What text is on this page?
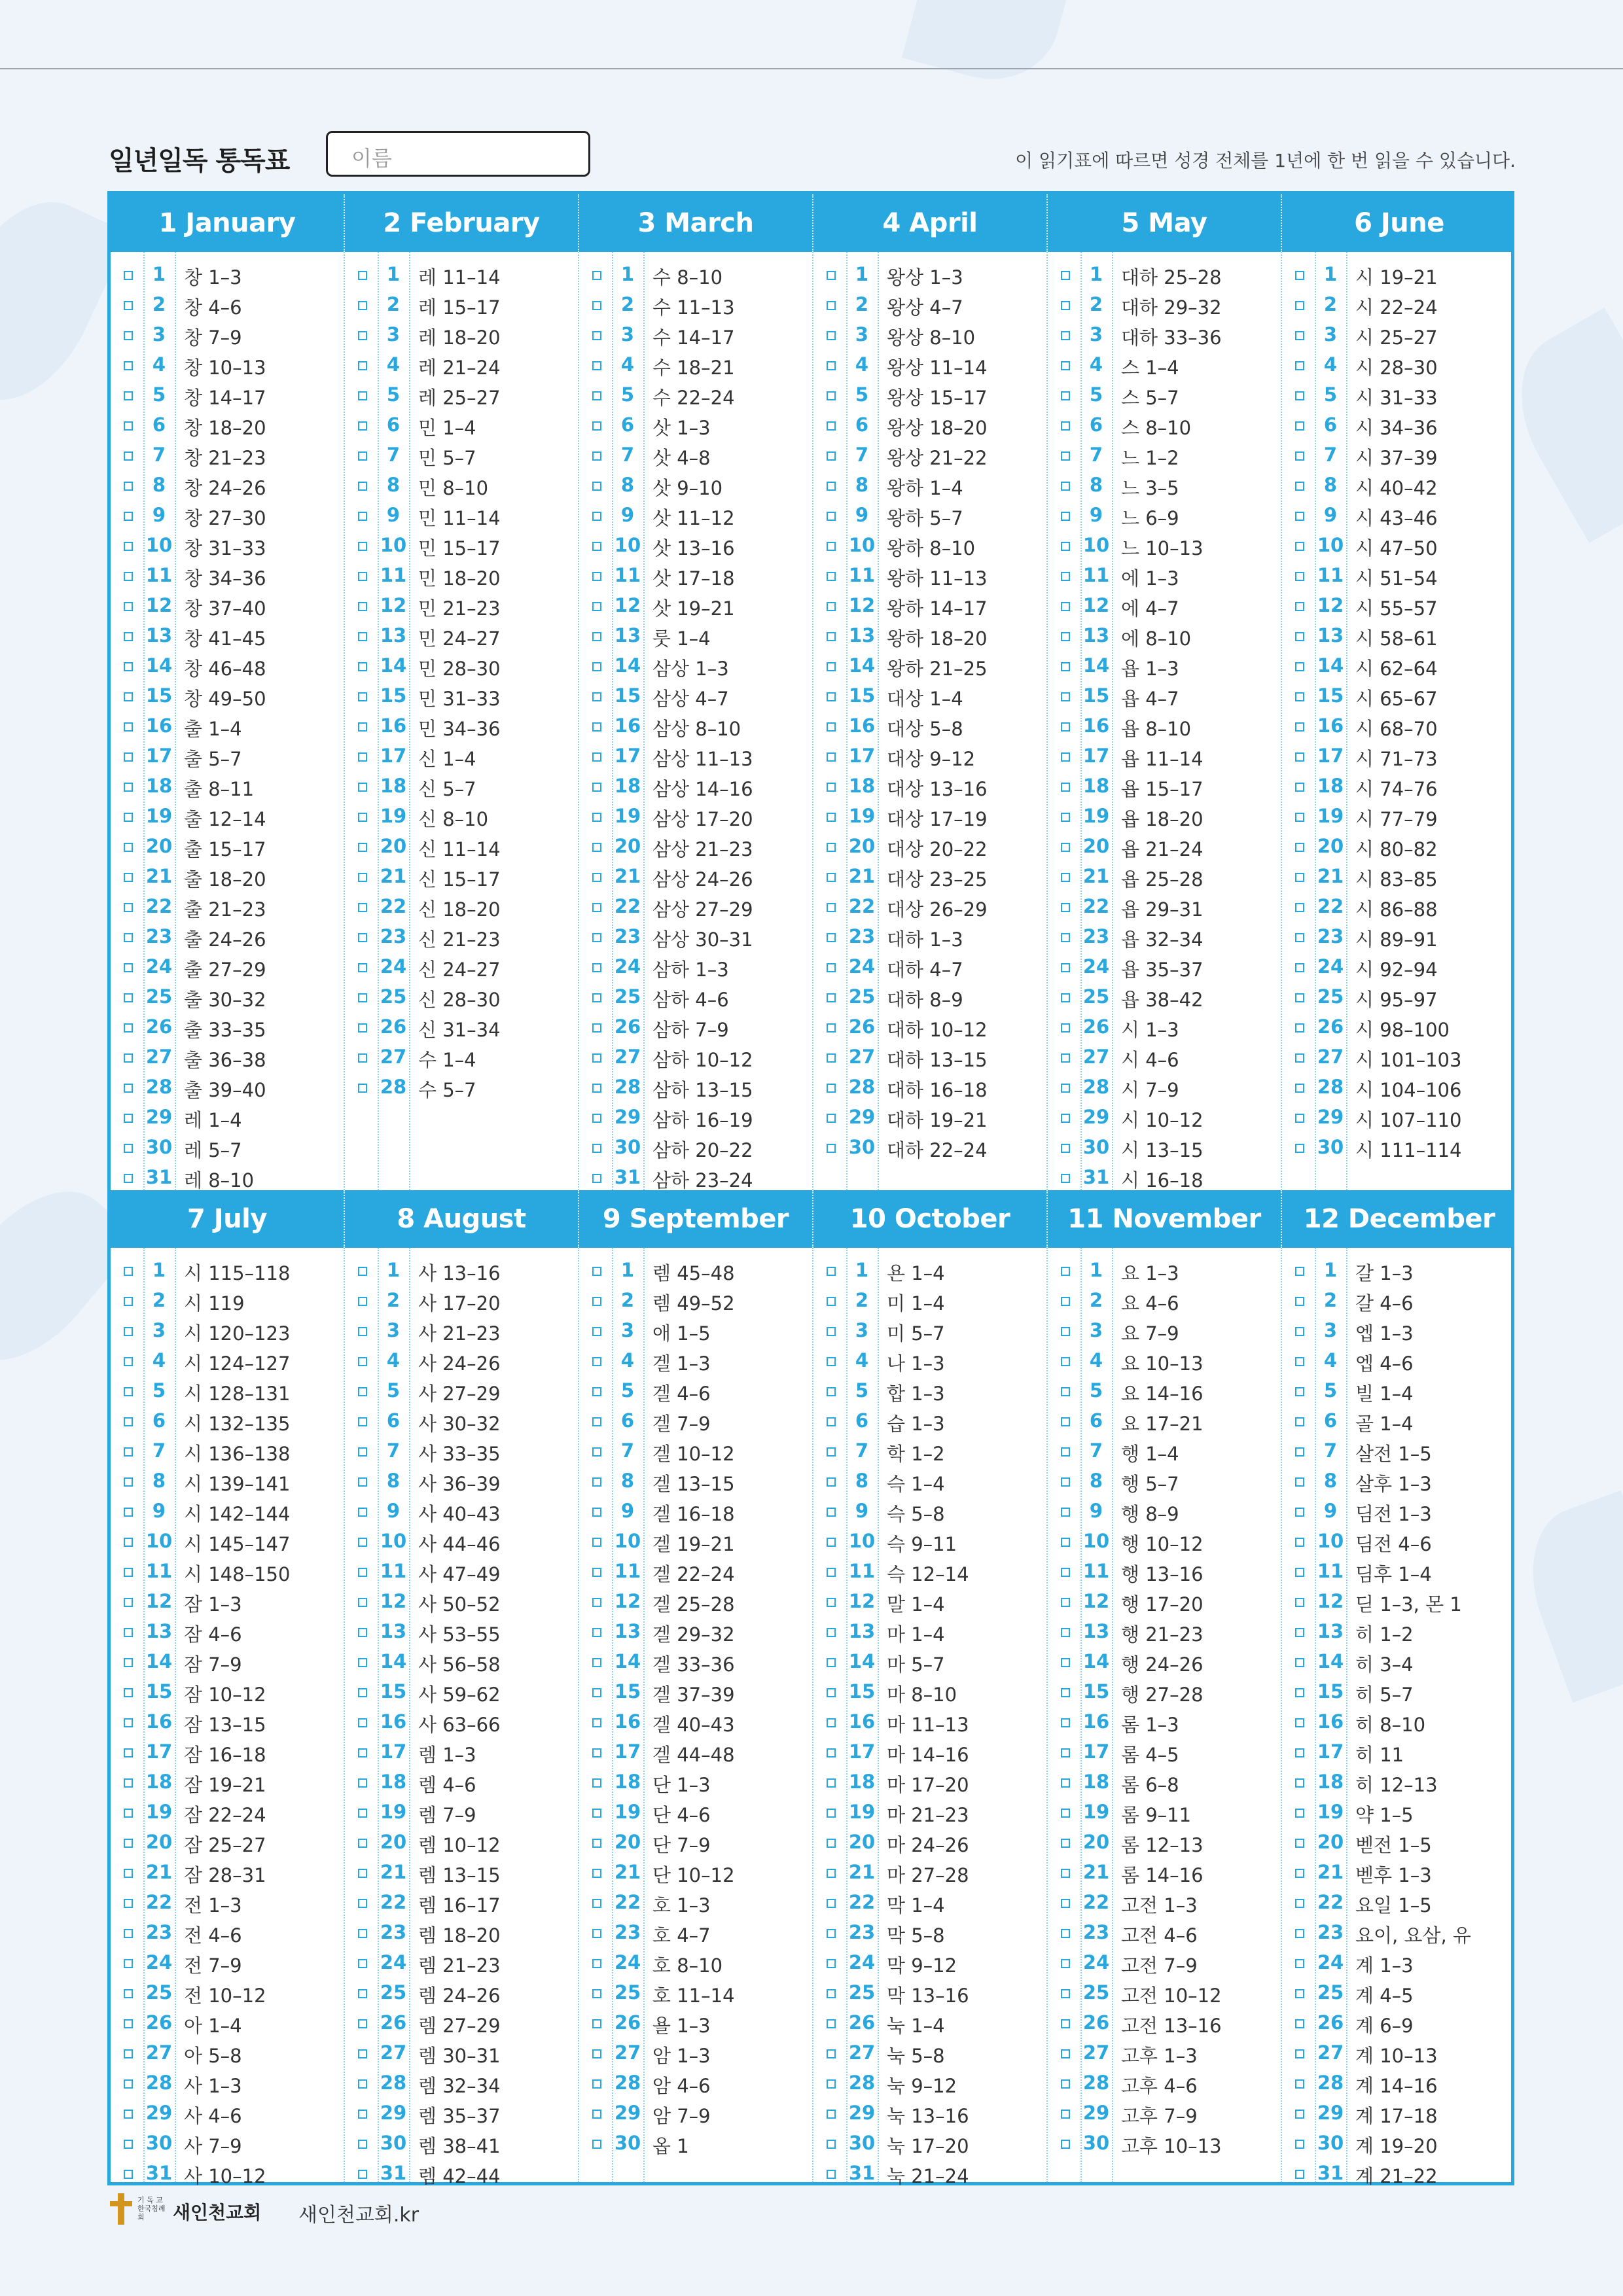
일년일독 통독표	이름	이 읽기표에 따르면 성경 전체를 1년에 한 번 읽을 수 있습니다.
1 January
1 창 1–3
2 창 4–6
3 창 7–9
4 창 10–13
5 창 14–17
6 창 18–20
7 창 21–23
8 창 24–26
9 창 27–30
10 창 31–33
11 창 34–36
12 창 37–40
13 창 41–45
14 창 46–48
15 창 49–50
16 출 1–4
17 출 5–7
18 출 8–11
19 출 12–14
20 출 15–17
21 출 18–20
22 출 21–23
23 출 24–26
24 출 27–29
25 출 30–32
26 출 33–35
27 출 36–38
28 출 39–40
29 레 1–4
30 레 5–7
31 레 8–10
2 February
1 레 11–14
2 레 15–17
3 레 18–20
4 레 21–24
5 레 25–27
6 민 1–4
7 민 5–7
8 민 8–10
9 민 11–14
10 민 15–17
11 민 18–20
12 민 21–23
13 민 24–27
14 민 28–30
15 민 31–33
16 민 34–36
17 신 1–4
18 신 5–7
19 신 8–10
20 신 11–14
21 신 15–17
22 신 18–20
23 신 21–23
24 신 24–27
25 신 28–30
26 신 31–34
27 수 1–4
28 수 5–7
3 March
1 수 8–10
2 수 11–13
3 수 14–17
4 수 18–21
5 수 22–24
6 삿 1–3
7 삿 4–8
8 삿 9–10
9 삿 11–12
10 삿 13–16
11 삿 17–18
12 삿 19–21
13 룻 1–4
14 삼상 1–3
15 삼상 4–7
16 삼상 8–10
17 삼상 11–13
18 삼상 14–16
19 삼상 17–20
20 삼상 21–23
21 삼상 24–26
22 삼상 27–29
23 삼상 30–31
24 삼하 1–3
25 삼하 4–6
26 삼하 7–9
27 삼하 10–12
28 삼하 13–15
29 삼하 16–19
30 삼하 20–22
31 삼하 23–24
4 April
1 왕상 1–3
2 왕상 4–7
3 왕상 8–10
4 왕상 11–14
5 왕상 15–17
6 왕상 18–20
7 왕상 21–22
8 왕하 1–4
9 왕하 5–7
10 왕하 8–10
11 왕하 11–13
12 왕하 14–17
13 왕하 18–20
14 왕하 21–25
15 대상 1–4
16 대상 5–8
17 대상 9–12
18 대상 13–16
19 대상 17–19
20 대상 20–22
21 대상 23–25
22 대상 26–29
23 대하 1–3
24 대하 4–7
25 대하 8–9
26 대하 10–12
27 대하 13–15
28 대하 16–18
29 대하 19–21
30 대하 22–24
5 May
1 대하 25–28
2 대하 29–32
3 대하 33–36
4 스 1–4
5 스 5–7
6 스 8–10
7 느 1–2
8 느 3–5
9 느 6–9
10 느 10–13
11 에 1–3
12 에 4–7
13 에 8–10
14 욥 1–3
15 욥 4–7
16 욥 8–10
17 욥 11–14
18 욥 15–17
19 욥 18–20
20 욥 21–24
21 욥 25–28
22 욥 29–31
23 욥 32–34
24 욥 35–37
25 욥 38–42
26 시 1–3
27 시 4–6
28 시 7–9
29 시 10–12
30 시 13–15
31 시 16–18
6 June
1 시 19–21
2 시 22–24
3 시 25–27
4 시 28–30
5 시 31–33
6 시 34–36
7 시 37–39
8 시 40–42
9 시 43–46
10 시 47–50
11 시 51–54
12 시 55–57
13 시 58–61
14 시 62–64
15 시 65–67
16 시 68–70
17 시 71–73
18 시 74–76
19 시 77–79
20 시 80–82
21 시 83–85
22 시 86–88
23 시 89–91
24 시 92–94
25 시 95–97
26 시 98–100
27 시 101–103
28 시 104–106
29 시 107–110
30 시 111–114
7 July
1 시 115–118
2 시 119
3 시 120–123
4 시 124–127
5 시 128–131
6 시 132–135
7 시 136–138
8 시 139–141
9 시 142–144
10 시 145–147
11 시 148–150
12 잠 1–3
13 잠 4–6
14 잠 7–9
15 잠 10–12
16 잠 13–15
17 잠 16–18
18 잠 19–21
19 잠 22–24
20 잠 25–27
21 잠 28–31
22 전 1–3
23 전 4–6
24 전 7–9
25 전 10–12
26 아 1–4
27 아 5–8
28 사 1–3
29 사 4–6
30 사 7–9
31 사 10–12
8 August
1 사 13–16
2 사 17–20
3 사 21–23
4 사 24–26
5 사 27–29
6 사 30–32
7 사 33–35
8 사 36–39
9 사 40–43
10 사 44–46
11 사 47–49
12 사 50–52
13 사 53–55
14 사 56–58
15 사 59–62
16 사 63–66
17 렘 1–3
18 렘 4–6
19 렘 7–9
20 렘 10–12
21 렘 13–15
22 렘 16–17
23 렘 18–20
24 렘 21–23
25 렘 24–26
26 렘 27–29
27 렘 30–31
28 렘 32–34
29 렘 35–37
30 렘 38–41
31 렘 42–44
9 September
1 렘 45–48
2 렘 49–52
3 애 1–5
4 겔 1–3
5 겔 4–6
6 겔 7–9
7 겔 10–12
8 겔 13–15
9 겔 16–18
10 겔 19–21
11 겔 22–24
12 겔 25–28
13 겔 29–32
14 겔 33–36
15 겔 37–39
16 겔 40–43
17 겔 44–48
18 단 1–3
19 단 4–6
20 단 7–9
21 단 10–12
22 호 1–3
23 호 4–7
24 호 8–10
25 호 11–14
26 욜 1–3
27 암 1–3
28 암 4–6
29 암 7–9
30 옵 1
10 October
1 욘 1–4
2 미 1–4
3 미 5–7
4 나 1–3
5 합 1–3
6 습 1–3
7 학 1–2
8 슥 1–4
9 슥 5–8
10 슥 9–11
11 슥 12–14
12 말 1–4
13 마 1–4
14 마 5–7
15 마 8–10
16 마 11–13
17 마 14–16
18 마 17–20
19 마 21–23
20 마 24–26
21 마 27–28
22 막 1–4
23 막 5–8
24 막 9–12
25 막 13–16
26 눅 1–4
27 눅 5–8
28 눅 9–12
29 눅 13–16
30 눅 17–20
31 눅 21–24
11 November
1 요 1–3
2 요 4–6
3 요 7–9
4 요 10–13
5 요 14–16
6 요 17–21
7 행 1–4
8 행 5–7
9 행 8–9
10 행 10–12
11 행 13–16
12 행 17–20
13 행 21–23
14 행 24–26
15 행 27–28
16 롬 1–3
17 롬 4–5
18 롬 6–8
19 롬 9–11
20 롬 12–13
21 롬 14–16
22 고전 1–3
23 고전 4–6
24 고전 7–9
25 고전 10–12
26 고전 13–16
27 고후 1–3
28 고후 4–6
29 고후 7–9
30 고후 10–13
12 December
1 갈 1–3
2 갈 4–6
3 엡 1–3
4 엡 4–6
5 빌 1–4
6 골 1–4
7 살전 1–5
8 살후 1–3
9 딤전 1–3
10 딤전 4–6
11 딤후 1–4
12 딛 1–3, 몬 1
13 히 1–2
14 히 3–4
15 히 5–7
16 히 8–10
17 히 11
18 히 12–13
19 약 1–5
20 벧전 1–5
21 벧후 1–3
22 요일 1–5
23 요이, 요삼, 유
24 계 1–3
25 계 4–5
26 계 6–9
27 계 10–13
28 계 14–16
29 계 17–18
30 계 19–20
31 계 21–22
기 독 교 한국침례회	새인천교회 새인천교회.kr
